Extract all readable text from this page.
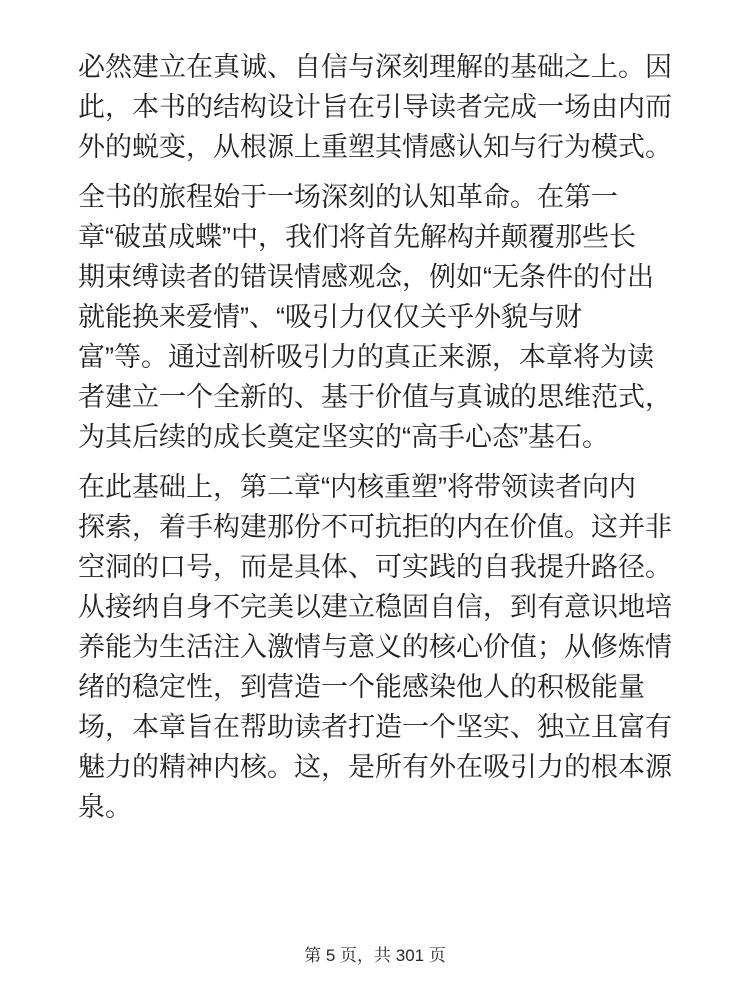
必然建立在真诚、自信与深刻理解的基础之上。因
此，本书的结构设计旨在引导读者完成一场由内而
外的蜕变，从根源上重塑其情感认知与行为模式。
全书的旅程始于一场深刻的认知革命。在第一
章“破茧成蝶”中，我们将首先解构并颠覆那些长
期束缚读者的错误情感观念，例如“无条件的付出
就能换来爱情”、“吸引力仅仅关乎外貌与财
富”等。通过剖析吸引力的真正来源，本章将为读
者建立一个全新的、基于价值与真诚的思维范式，
为其后续的成长奠定坚实的“高手心态”基石。
在此基础上，第二章“内核重塑”将带领读者向内
探索，着手构建那份不可抗拒的内在价值。这并非
空洞的口号，而是具体、可实践的自我提升路径。
从接纳自身不完美以建立稳固自信，到有意识地培
养能为生活注入激情与意义的核心价值；从修炼情
绪的稳定性，到营造一个能感染他人的积极能量
场，本章旨在帮助读者打造一个坚实、独立且富有
魅力的精神内核。这，是所有外在吸引力的根本源
泉。
第 5 页，共 301 页
